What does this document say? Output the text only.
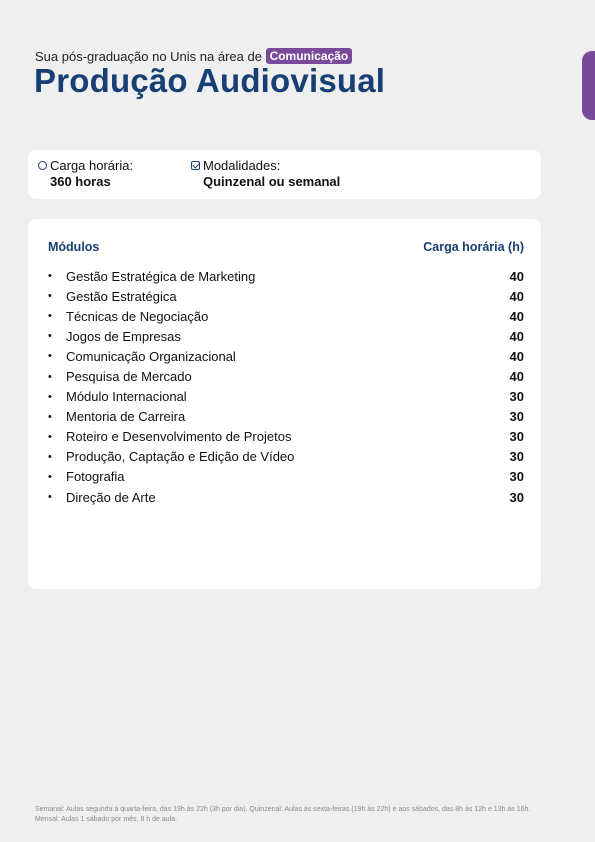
Sua pós-graduação no Unis na área de Comunicação
Produção Audiovisual
Carga horária:
360 horas
Modalidades:
Quinzenal ou semanal
Módulos	Carga horária (h)
•	Gestão Estratégica de Marketing	40
•	Gestão Estratégica	40
•	Técnicas de Negociação	40
•	Jogos de Empresas	40
•	Comunicação Organizacional	40
•	Pesquisa de Mercado	40
•	Módulo Internacional	30
•	Mentoria de Carreira	30
•	Roteiro e Desenvolvimento de Projetos	30
•	Produção, Captação e Edição de Vídeo	30
•	Fotografia	30
•	Direção de Arte	30
Semanal: Aulas segunda à quarta-feira, das 19h às 22h (3h por dia). Quinzenal: Aulas às sexta-feiras (19h às 22h) e aos sábados, das 8h às 12h e 13h às 16h.
Mensal: Aulas 1 sábado por mês, 8 h de aula.
